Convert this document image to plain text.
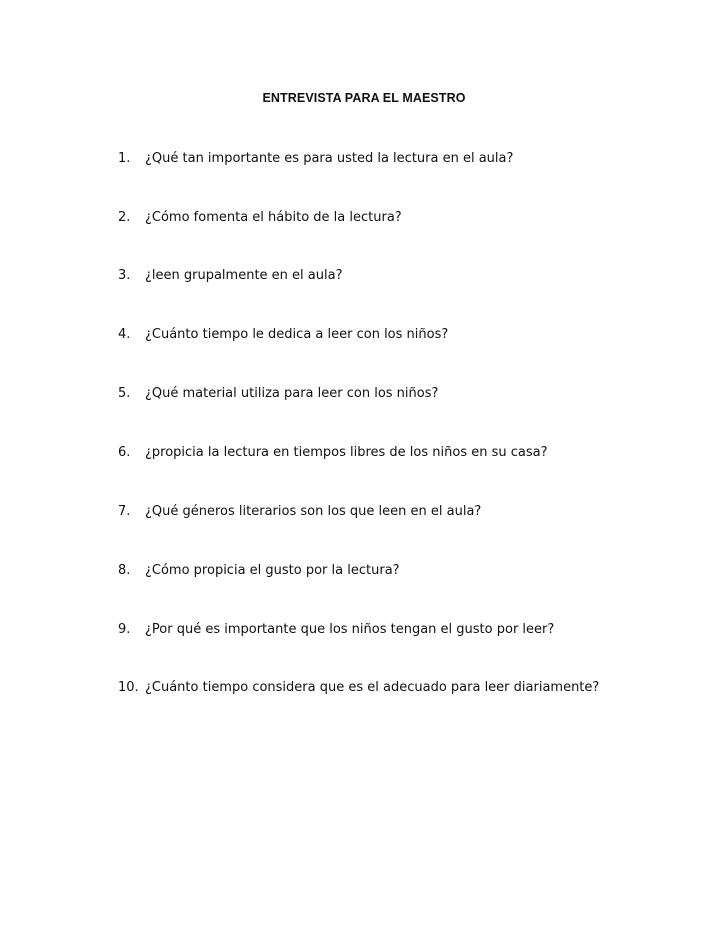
ENTREVISTA PARA EL MAESTRO
1. ¿Qué tan importante es para usted la lectura en el aula?
2. ¿Cómo fomenta el hábito de la lectura?
3. ¿leen grupalmente en el aula?
4. ¿Cuánto tiempo le dedica a leer con los niños?
5. ¿Qué material utiliza para leer con los niños?
6. ¿propicia la lectura en tiempos libres de los niños en su casa?
7. ¿Qué géneros literarios son los que leen en el aula?
8. ¿Cómo propicia el gusto por la lectura?
9. ¿Por qué es importante que los niños tengan el gusto por leer?
10. ¿Cuánto tiempo considera que es el adecuado para leer diariamente?
